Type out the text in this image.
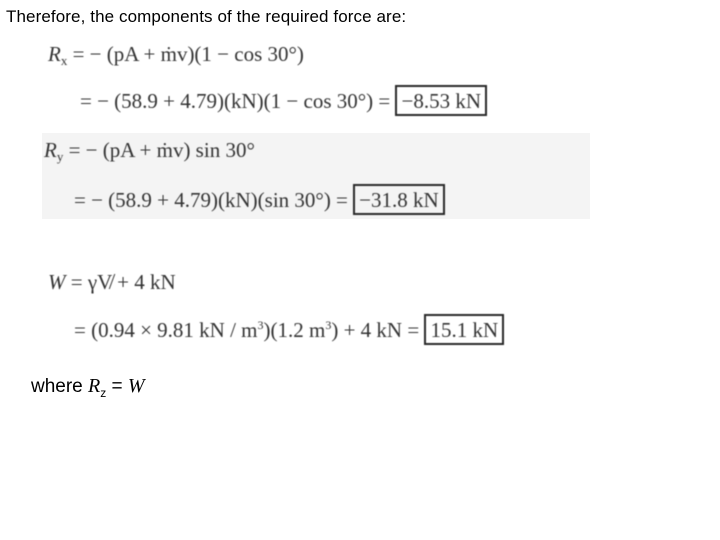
Therefore, the components of the required force are:
$R_x$ = − (pA + ṁv)(1 − cos 30°)
= − (58.9 + 4.79)(kN)(1 − cos 30°) = −8.53 kN
$R_y$ = − (pA + ṁv) sin 30°
= − (58.9 + 4.79)(kN)(sin 30°) = −31.8 kN
W = γV̸ + 4 kN
= (0.94 × 9.81 kN / $m^3)(1.2$ $m^3) + 4$ kN = 15.1 kN
where $R_z = W$
